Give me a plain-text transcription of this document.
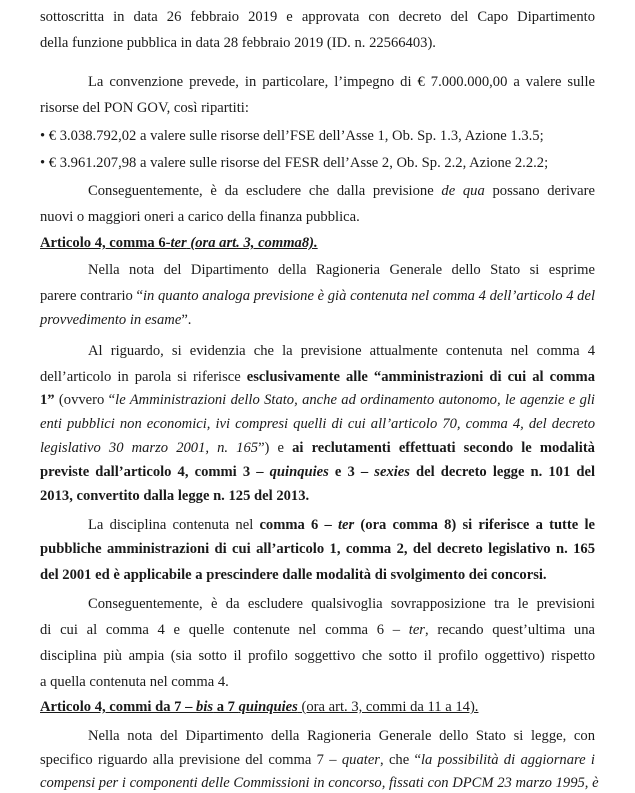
sottoscritta in data 26 febbraio 2019 e approvata con decreto del Capo Dipartimento
della funzione pubblica in data 28 febbraio 2019 (ID. n. 22566403).
La convenzione prevede, in particolare, l’impegno di € 7.000.000,00 a valere sulle
risorse del PON GOV, così ripartiti:
• € 3.038.792,02 a valere sulle risorse dell’FSE dell’Asse 1, Ob. Sp. 1.3, Azione 1.3.5;
• € 3.961.207,98 a valere sulle risorse del FESR dell’Asse 2, Ob. Sp. 2.2, Azione 2.2.2;
Conseguentemente, è da escludere che dalla previsione de qua possano derivare
nuovi o maggiori oneri a carico della finanza pubblica.
Articolo 4, comma 6-ter (ora art. 3, comma8).
Nella nota del Dipartimento della Ragioneria Generale dello Stato si esprime
parere contrario “in quanto analoga previsione è già contenuta nel comma 4 dell’articolo 4 del
provvedimento in esame”.
Al riguardo, si evidenzia che la previsione attualmente contenuta nel comma 4
dell’articolo in parola si riferisce esclusivamente alle “amministrazioni di cui al comma
1” (ovvero “le Amministrazioni dello Stato, anche ad ordinamento autonomo, le agenzie e gli
enti pubblici non economici, ivi compresi quelli di cui all’articolo 70, comma 4, del decreto
legislativo 30 marzo 2001, n. 165”) e ai reclutamenti effettuati secondo le modalità
previste dall’articolo 4, commi 3 – quinquies e 3 – sexies del decreto legge n. 101 del
2013, convertito dalla legge n. 125 del 2013.
La disciplina contenuta nel comma 6 – ter (ora comma 8) si riferisce a tutte le
pubbliche amministrazioni di cui all’articolo 1, comma 2, del decreto legislativo n. 165
del 2001 ed è applicabile a prescindere dalle modalità di svolgimento dei concorsi.
Conseguentemente, è da escludere qualsivoglia sovrapposizione tra le previsioni
di cui al comma 4 e quelle contenute nel comma 6 – ter, recando quest’ultima una
disciplina più ampia (sia sotto il profilo soggettivo che sotto il profilo oggettivo) rispetto
a quella contenuta nel comma 4.
Articolo 4, commi da 7 – bis a 7 quinquies (ora art. 3, commi da 11 a 14).
Nella nota del Dipartimento della Ragioneria Generale dello Stato si legge, con
specifico riguardo alla previsione del comma 7 – quater, che “la possibilità di aggiornare i
compensi per i componenti delle Commissioni in concorso, fissati con DPCM 23 marzo 1995, è
